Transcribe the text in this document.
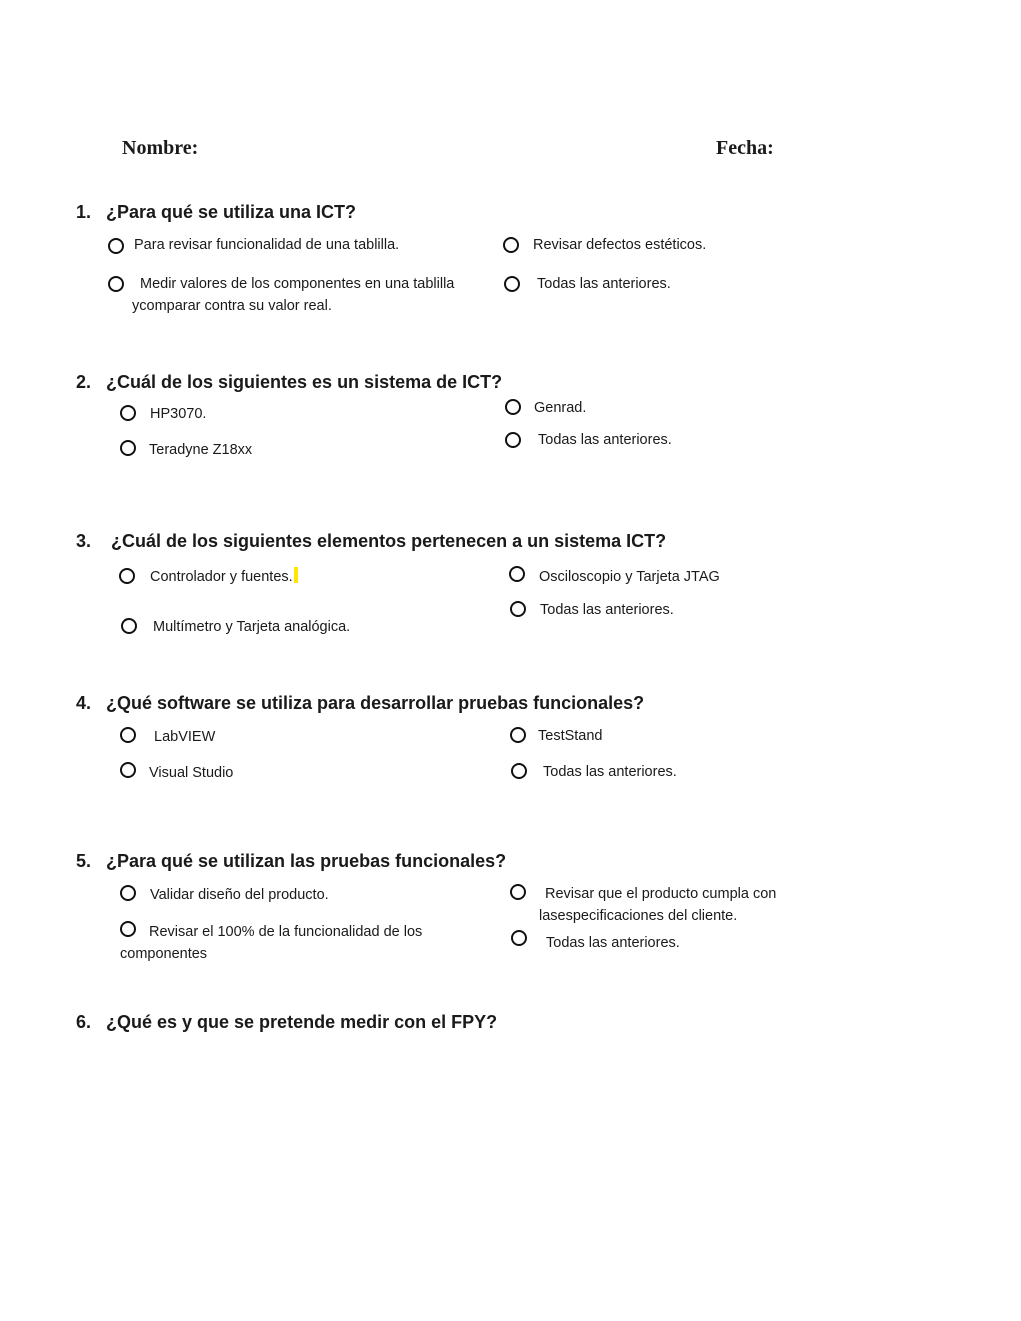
Nombre:	Fecha:
1. ¿Para qué se utiliza una ICT?
Para revisar funcionalidad de una tablilla.	Revisar defectos estéticos.
Medir valores de los componentes en una tablilla
ycomparar contra su valor real.
Todas las anteriores.
2. ¿Cuál de los siguientes es un sistema de ICT?
HP3070.	Genrad.
Teradyne Z18xx
Todas las anteriores.
3. ¿Cuál de los siguientes elementos pertenecen a un sistema ICT?
Controlador y fuentes.	Osciloscopio y Tarjeta JTAG
Multímetro y Tarjeta analógica.
Todas las anteriores.
4. ¿Qué software se utiliza para desarrollar pruebas funcionales?
LabVIEW	TestStand
Visual Studio	Todas las anteriores.
5. ¿Para qué se utilizan las pruebas funcionales?
Validar diseño del producto.	Revisar que el producto cumpla con
lasespecificaciones del cliente.
Revisar el 100% de la funcionalidad de los
componentes
Todas las anteriores.
6. ¿Qué es y que se pretende medir con el FPY?
